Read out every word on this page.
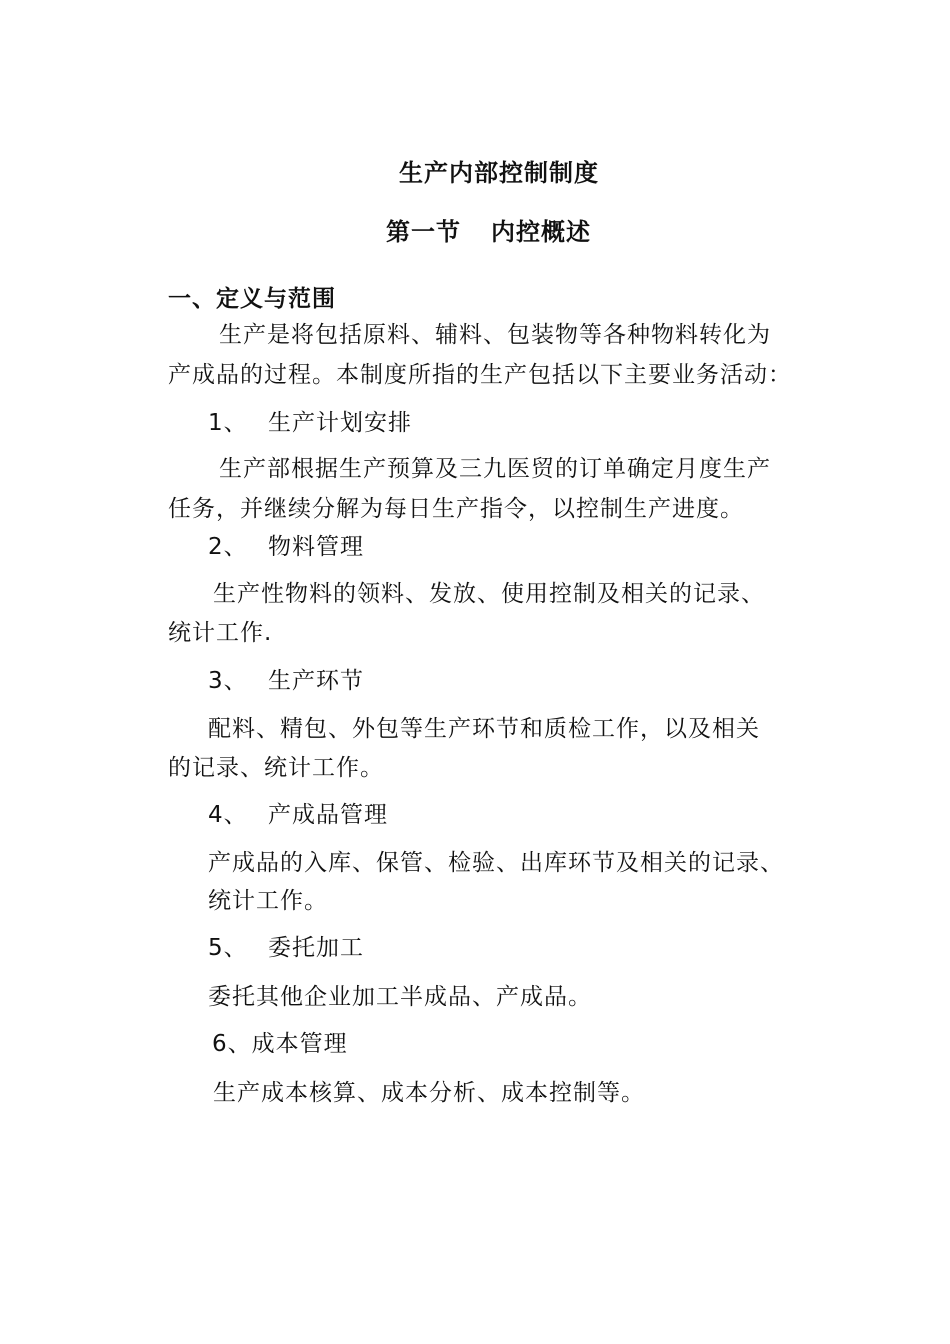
生产内部控制制度
第一节 内控概述
一、定义与范围
生产是将包括原料、辅料、包装物等各种物料转化为
产成品的过程。本制度所指的生产包括以下主要业务活动：
1、 生产计划安排
生产部根据生产预算及三九医贸的订单确定月度生产
任务，并继续分解为每日生产指令，以控制生产进度。
2、 物料管理
生产性物料的领料、发放、使用控制及相关的记录、
统计工作.
3、 生产环节
配料、精包、外包等生产环节和质检工作，以及相关
的记录、统计工作。
4、 产成品管理
产成品的入库、保管、检验、出库环节及相关的记录、
统计工作。
5、 委托加工
委托其他企业加工半成品、产成品。
6、成本管理
生产成本核算、成本分析、成本控制等。
